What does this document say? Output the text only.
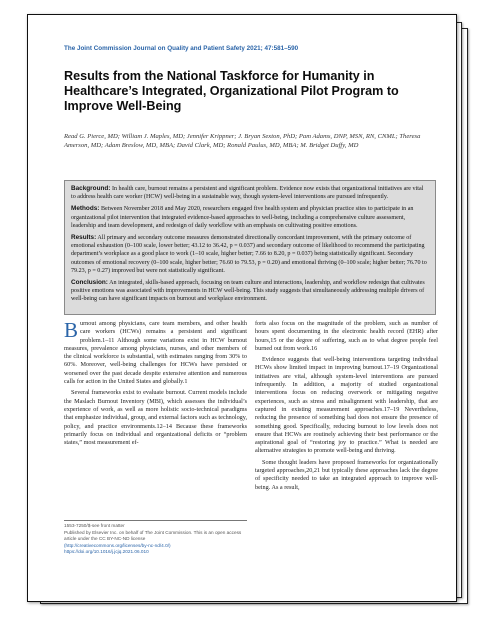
The Joint Commission Journal on Quality and Patient Safety 2021; 47:581–590
Results from the National Taskforce for Humanity in Healthcare’s Integrated, Organizational Pilot Program to Improve Well-Being
Read G. Pierce, MD; William J. Maples, MD; Jennifer Krippner; J. Bryan Sexton, PhD; Pam Adams, DNP, MSN, RN, CNML; Theresa Amerson, MD; Adam Breslow, MD, MBA; David Clark, MD; Ronald Paulus, MD, MBA; M. Bridget Duffy, MD

Background: In health care, burnout remains a persistent and significant problem. Evidence now exists that organizational initiatives are vital to address health care worker (HCW) well-being in a sustainable way, though system-level interventions are pursued infrequently.

Methods: Between November 2018 and May 2020, researchers engaged five health system and physician practice sites to participate in an organizational pilot intervention that integrated evidence-based approaches to well-being, including a comprehensive culture assessment, leadership and team development, and redesign of daily workflow with an emphasis on cultivating positive emotions.

Results: All primary and secondary outcome measures demonstrated directionally concordant improvement, with the primary outcome of emotional exhaustion (0–100 scale, lower better; 43.12 to 36.42, p = 0.037) and secondary outcome of likelihood to recommend the participating department’s workplace as a good place to work (1–10 scale, higher better; 7.66 to 8.20, p = 0.037) being statistically significant. Secondary outcomes of emotional recovery (0–100 scale, higher better; 76.60 to 79.53, p = 0.20) and emotional thriving (0–100 scale; higher better; 76.70 to 79.23, p = 0.27) improved but were not statistically significant.

Conclusion: An integrated, skills-based approach, focusing on team culture and interactions, leadership, and workflow redesign that cultivates positive emotions was associated with improvements in HCW well-being. This study suggests that simultaneously addressing multiple drivers of well-being can have significant impacts on burnout and workplace environment.

Burnout among physicians, care team members, and other health care workers (HCWs) remains a persistent and significant problem.1–11 Although some variations exist in HCW burnout measures, prevalence among physicians, nurses, and other members of the clinical workforce is substantial, with estimates ranging from 30% to 60%. Moreover, well-being challenges for HCWs have persisted or worsened over the past decade despite extensive attention and numerous calls for action in the United States and globally.1

Several frameworks exist to evaluate burnout. Current models include the Maslach Burnout Inventory (MBI), which assesses the individual’s experience of work, as well as more holistic socio-technical paradigms that emphasize individual, group, and external factors such as technology, policy, and practice environments.12–14 Because these frameworks primarily focus on individual and organizational deficits or “problem states,” most measurement ef-

forts also focus on the magnitude of the problem, such as number of hours spent documenting in the electronic health record (EHR) after hours,15 or the degree of suffering, such as to what degree people feel burned out from work.16

Evidence suggests that well-being interventions targeting individual HCWs show limited impact in improving burnout.17–19 Organizational initiatives are vital, although system-level interventions are pursued infrequently. In addition, a majority of studied organizational interventions focus on reducing overwork or mitigating negative experiences, such as stress and misalignment with leadership, that are captured in existing measurement approaches.17–19 Nevertheless, reducing the presence of something bad does not ensure the presence of something good. Specifically, reducing burnout to low levels does not ensure that HCWs are routinely achieving their best performance or the aspirational goal of “restoring joy to practice.” What is needed are alternative strategies to promote well-being and thriving.

Some thought leaders have proposed frameworks for organizationally targeted approaches,20,21 but typically these approaches lack the degree of specificity needed to take an integrated approach to improve well-being. As a result,

1553-7250/$-see front matter
Published by Elsevier Inc. on behalf of The Joint Commission. This is an open access article under the CC BY-NC-ND license
(http://creativecommons.org/licenses/by-nc-nd/4.0/)
https://doi.org/10.1016/j.jcjq.2021.06.010
